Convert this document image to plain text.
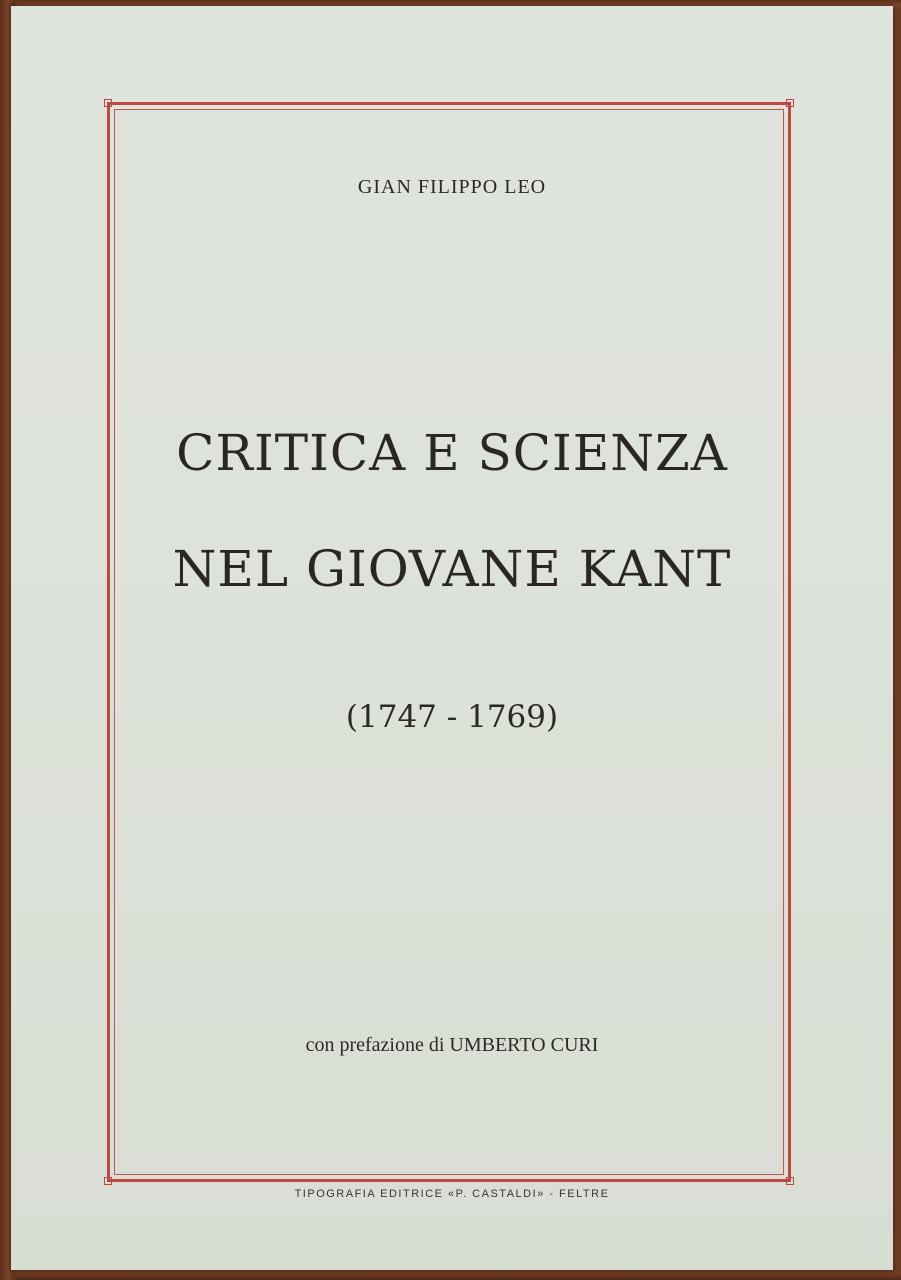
GIAN FILIPPO LEO
CRITICA E SCIENZA
NEL GIOVANE KANT
(1747 - 1769)
con prefazione di UMBERTO CURI
TIPOGRAFIA EDITRICE «P. CASTALDI» - FELTRE
